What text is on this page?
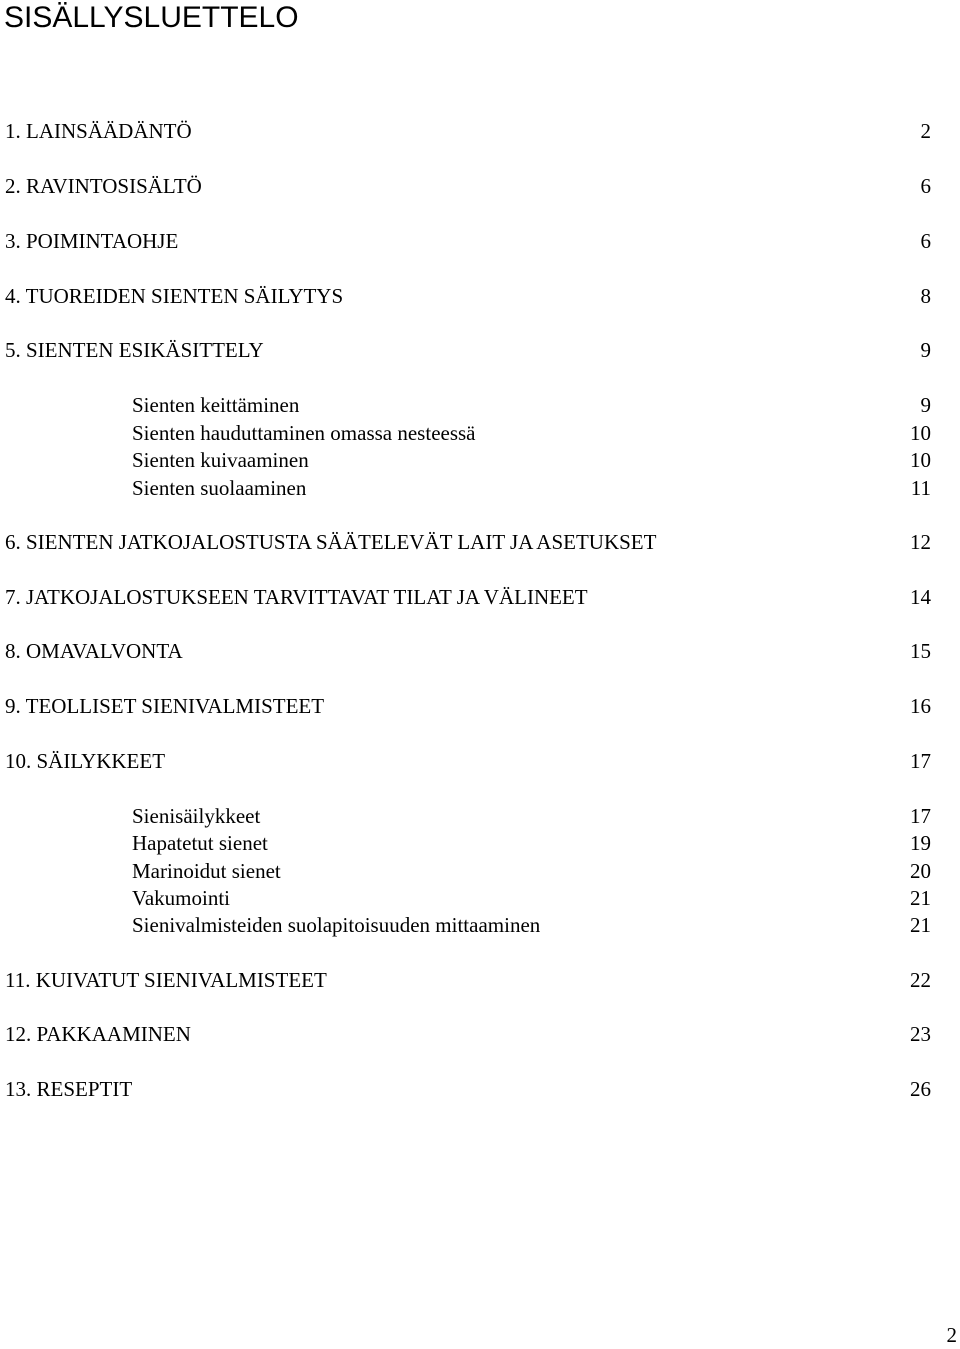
SISÄLLYSLUETTELO
1. LAINSÄÄDÄNTÖ	2
2. RAVINTOSISÄLTÖ	6
3. POIMINTAOHJE	6
4. TUOREIDEN SIENTEN SÄILYTYS	8
5. SIENTEN ESIKÄSITTELY	9
Sienten keittäminen	9
Sienten hauduttaminen omassa nesteessä	10
Sienten kuivaaminen	10
Sienten suolaaminen	11
6. SIENTEN JATKOJALOSTUSTA SÄÄTELEVÄT LAIT JA ASETUKSET	12
7. JATKOJALOSTUKSEEN TARVITTAVAT TILAT JA VÄLINEET	14
8. OMAVALVONTA	15
9. TEOLLISET SIENIVALMISTEET	16
10. SÄILYKKEET	17
Sienisäilykkeet	17
Hapatetut sienet	19
Marinoidut sienet	20
Vakumointi	21
Sienivalmisteiden suolapitoisuuden mittaaminen	21
11. KUIVATUT SIENIVALMISTEET	22
12. PAKKAAMINEN	23
13. RESEPTIT	26
2
